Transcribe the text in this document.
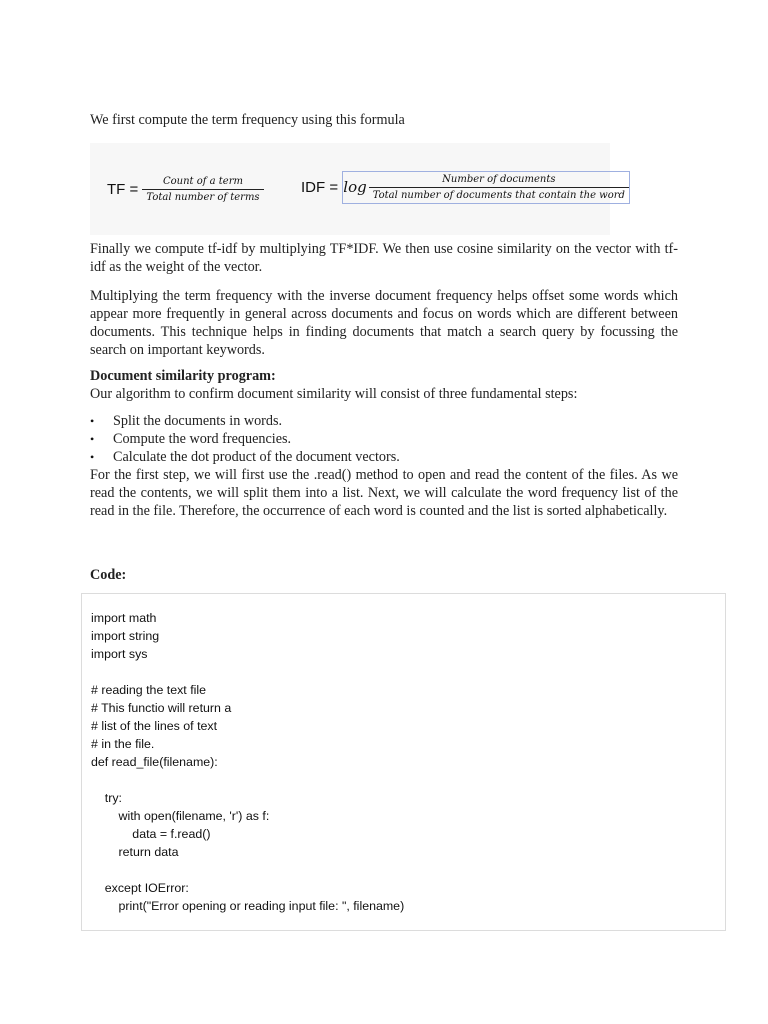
We first compute the term frequency using this formula

TF = $\frac{\text{Count of a term}}{\text{Total number of terms}}$ IDF = $\log \frac{\text{Number of documents}}{\text{Total number of documents that contain the word}}$

Finally we compute tf-idf by multiplying TF*IDF. We then use cosine similarity on the vector with tf-idf as the weight of the vector.

Multiplying the term frequency with the inverse document frequency helps offset some words which appear more frequently in general across documents and focus on words which are different between documents. This technique helps in finding documents that match a search query by focussing the search on important keywords.

Document similarity program:

Our algorithm to confirm document similarity will consist of three fundamental steps:

• Split the documents in words.
• Compute the word frequencies.
• Calculate the dot product of the document vectors.

For the first step, we will first use the .read() method to open and read the content of the files. As we read the contents, we will split them into a list. Next, we will calculate the word frequency list of the read in the file. Therefore, the occurrence of each word is counted and the list is sorted alphabetically.

Code:

import math
import string
import sys
# reading the text file
# This functio will return a
# list of the lines of text
# in the file.
def read_file(filename):
try:
with open(filename, 'r') as f:
data = f.read()
return data
except IOError:
print("Error opening or reading input file: ", filename)
